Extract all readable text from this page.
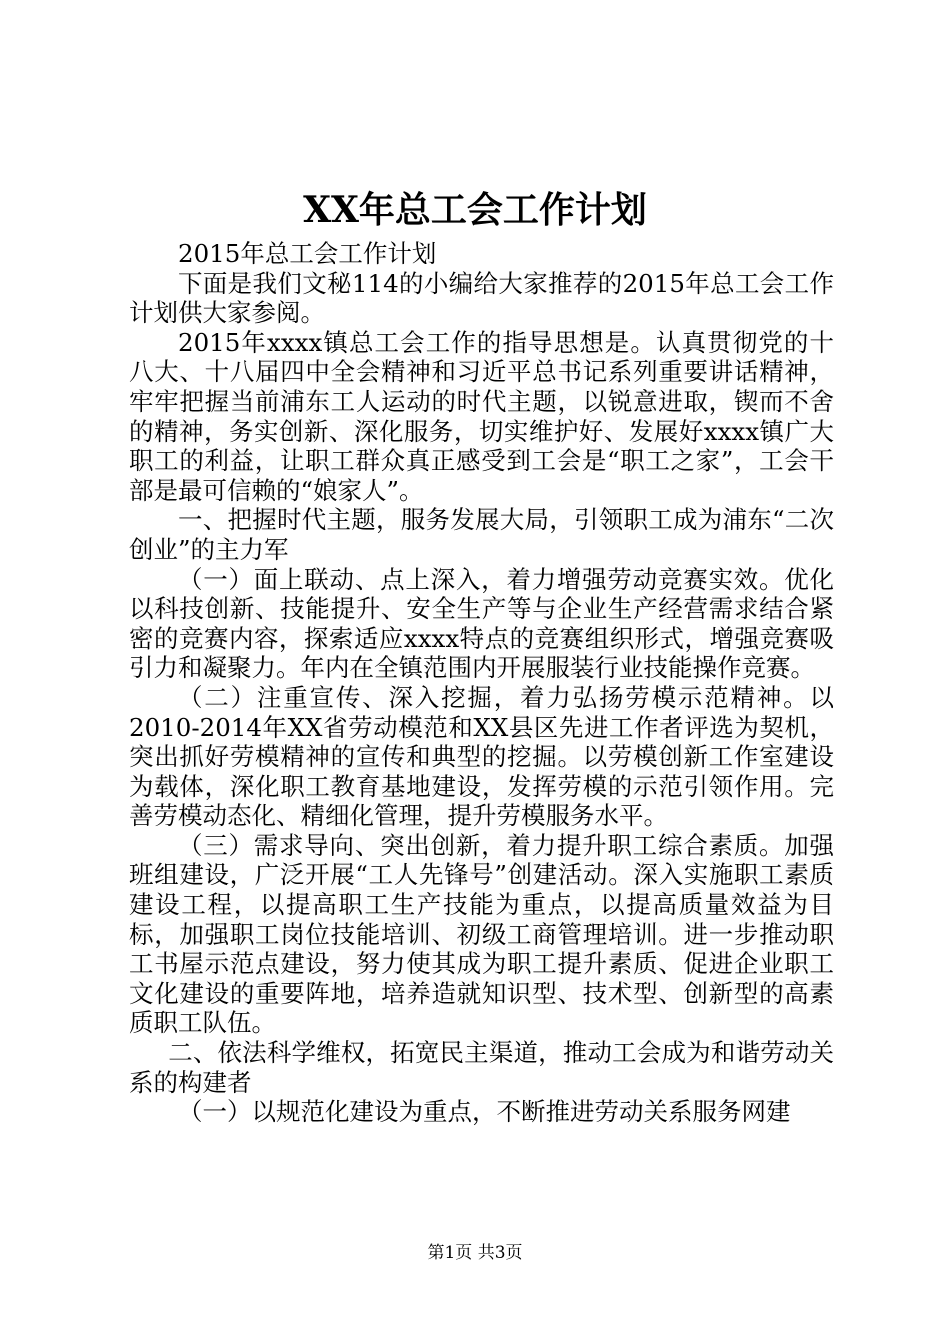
XX年总工会工作计划

2015年总工会工作计划

下面是我们文秘114的小编给大家推荐的2015年总工会工作计划供大家参阅。

2015年xxxx镇总工会工作的指导思想是。认真贯彻党的十八大、十八届四中全会精神和习近平总书记系列重要讲话精神，牢牢把握当前浦东工人运动的时代主题，以锐意进取，锲而不舍的精神，务实创新、深化服务，切实维护好、发展好xxxx镇广大职工的利益，让职工群众真正感受到工会是“职工之家”，工会干部是最可信赖的“娘家人”。

一、把握时代主题，服务发展大局，引领职工成为浦东“二次创业”的主力军

（一）面上联动、点上深入，着力增强劳动竞赛实效。优化以科技创新、技能提升、安全生产等与企业生产经营需求结合紧密的竞赛内容，探索适应xxxx特点的竞赛组织形式，增强竞赛吸引力和凝聚力。年内在全镇范围内开展服装行业技能操作竞赛。

（二）注重宣传、深入挖掘，着力弘扬劳模示范精神。以2010-2014年XX省劳动模范和XX县区先进工作者评选为契机，突出抓好劳模精神的宣传和典型的挖掘。以劳模创新工作室建设为载体，深化职工教育基地建设，发挥劳模的示范引领作用。完善劳模动态化、精细化管理，提升劳模服务水平。

（三）需求导向、突出创新，着力提升职工综合素质。加强班组建设，广泛开展“工人先锋号”创建活动。深入实施职工素质建设工程，以提高职工生产技能为重点，以提高质量效益为目标，加强职工岗位技能培训、初级工商管理培训。进一步推动职工书屋示范点建设，努力使其成为职工提升素质、促进企业职工文化建设的重要阵地，培养造就知识型、技术型、创新型的高素质职工队伍。

二、依法科学维权，拓宽民主渠道，推动工会成为和谐劳动关系的构建者

（一）以规范化建设为重点，不断推进劳动关系服务网建

第1页 共3页
